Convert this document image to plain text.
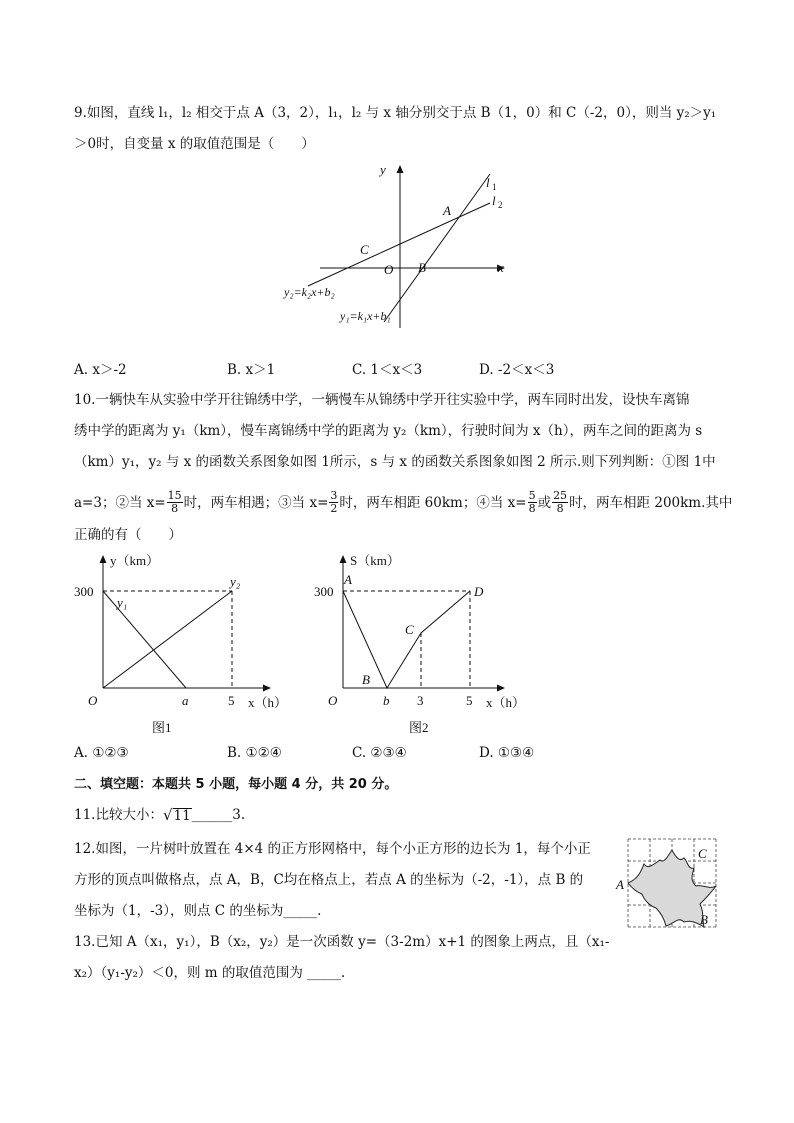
9.如图，直线 l₁，l₂ 相交于点 A（3，2），l₁，l₂ 与 x 轴分别交于点 B（1，0）和 C（-2，0），则当 y₂＞y₁
＞0时，自变量 x 的取值范围是（　　）
y
x
O
A
B
C
l 1
l 2
y₂=k₂x+b₂
y₁=k₁x+b₁
A. x＞-2	B. x＞1	C. 1＜x＜3	D. -2＜x＜3
10.一辆快车从实验中学开往锦绣中学，一辆慢车从锦绣中学开往实验中学，两车同时出发，设快车离锦
绣中学的距离为 y₁（km），慢车离锦绣中学的距离为 y₂（km），行驶时间为 x（h），两车之间的距离为 s
（km）y₁，y₂ 与 x 的函数关系图象如图 1所示，s 与 x 的函数关系图象如图 2 所示.则下列判断：①图 1中
a=3；②当 $x= \frac{15}{8}$ 时，两车相遇；③当 $x= \frac{3}{2}$ 时，两车相距 60km；④当 $x= \frac{5}{8}$ 或 $\frac{25}{8}$ 时，两车相距 200km.其中
正确的有（　　）
y（km）
x（h）
300
O	a	5
y₁
y₂
图1
S（km）
x（h）
300
O	b 3	5
A
B
C
D
图2
A. ①②③	B. ①②④	C. ②③④	D. ①③④
二、填空题：本题共 5 小题，每小题 4 分，共 20 分。
11.比较大小： √ 11 ______3.
12.如图，一片树叶放置在 4×4 的正方形网格中，每个小正方形的边长为 1，每个小正
方形的顶点叫做格点，点 A，B，C均在格点上，若点 A 的坐标为（-2，-1），点 B 的
坐标为（1，-3），则点 C 的坐标为_____.
A
B
C
13.已知 A（x₁，y₁），B（x₂，y₂）是一次函数 y=（3-2m）x+1 的图象上两点，且（x₁-
x₂）（y₁-y₂）＜0，则 m 的取值范围为 _____.
